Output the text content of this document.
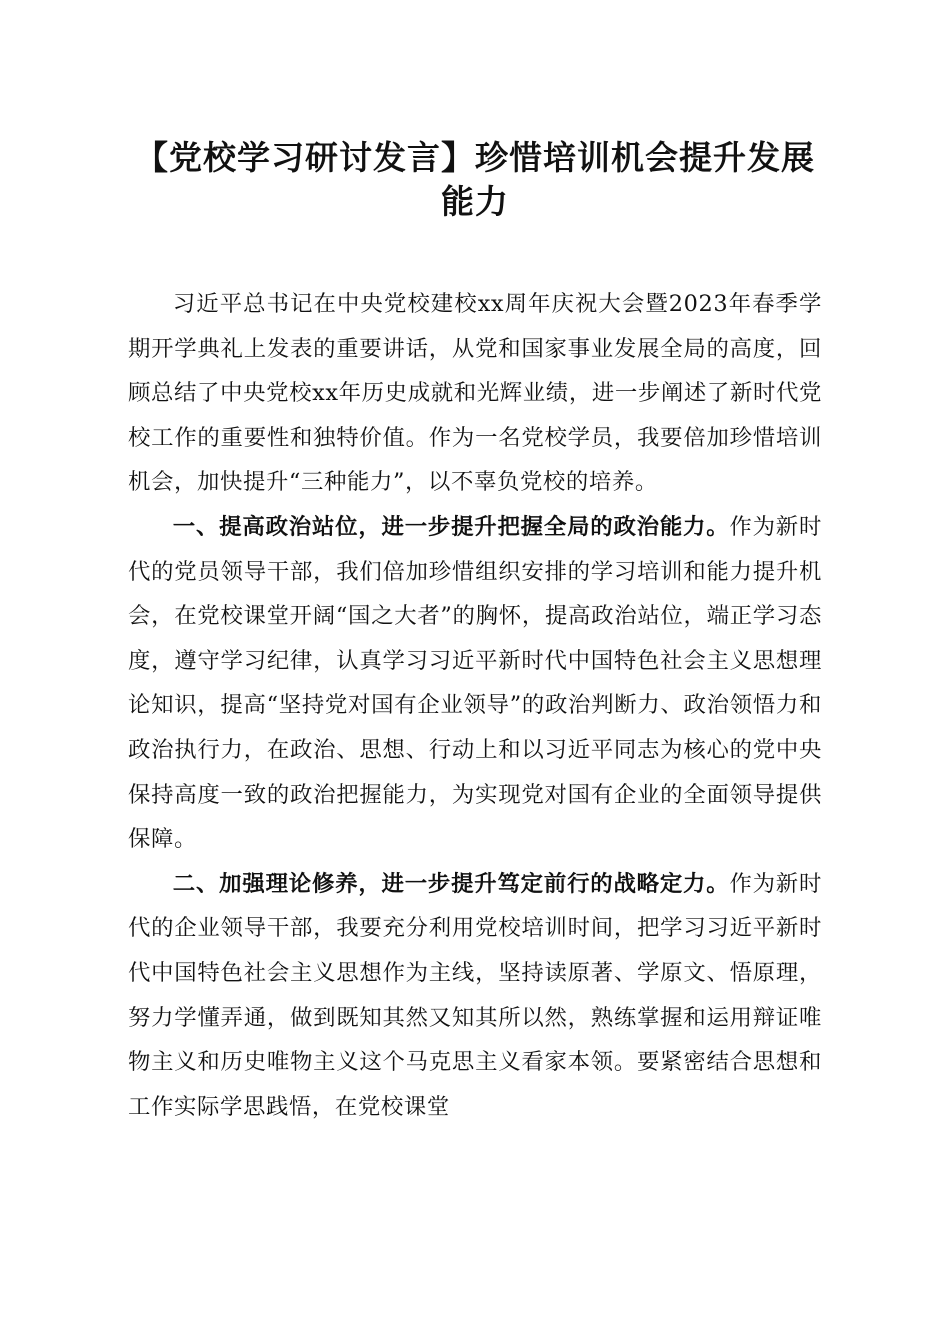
【党校学习研讨发言】珍惜培训机会提升发展
能力

习近平总书记在中央党校建校xx周年庆祝大会暨2023年春季学期开学典礼上发表的重要讲话，从党和国家事业发展全局的高度，回顾总结了中央党校xx年历史成就和光辉业绩，进一步阐述了新时代党校工作的重要性和独特价值。作为一名党校学员，我要倍加珍惜培训机会，加快提升“三种能力”，以不辜负党校的培养。

一、提高政治站位，进一步提升把握全局的政治能力。作为新时代的党员领导干部，我们倍加珍惜组织安排的学习培训和能力提升机会，在党校课堂开阔“国之大者”的胸怀，提高政治站位，端正学习态度，遵守学习纪律，认真学习习近平新时代中国特色社会主义思想理论知识，提高“坚持党对国有企业领导”的政治判断力、政治领悟力和政治执行力，在政治、思想、行动上和以习近平同志为核心的党中央保持高度一致的政治把握能力，为实现党对国有企业的全面领导提供保障。

二、加强理论修养，进一步提升笃定前行的战略定力。作为新时代的企业领导干部，我要充分利用党校培训时间，把学习习近平新时代中国特色社会主义思想作为主线，坚持读原著、学原文、悟原理，努力学懂弄通，做到既知其然又知其所以然，熟练掌握和运用辩证唯物主义和历史唯物主义这个马克思主义看家本领。要紧密结合思想和工作实际学思践悟，在党校课堂
